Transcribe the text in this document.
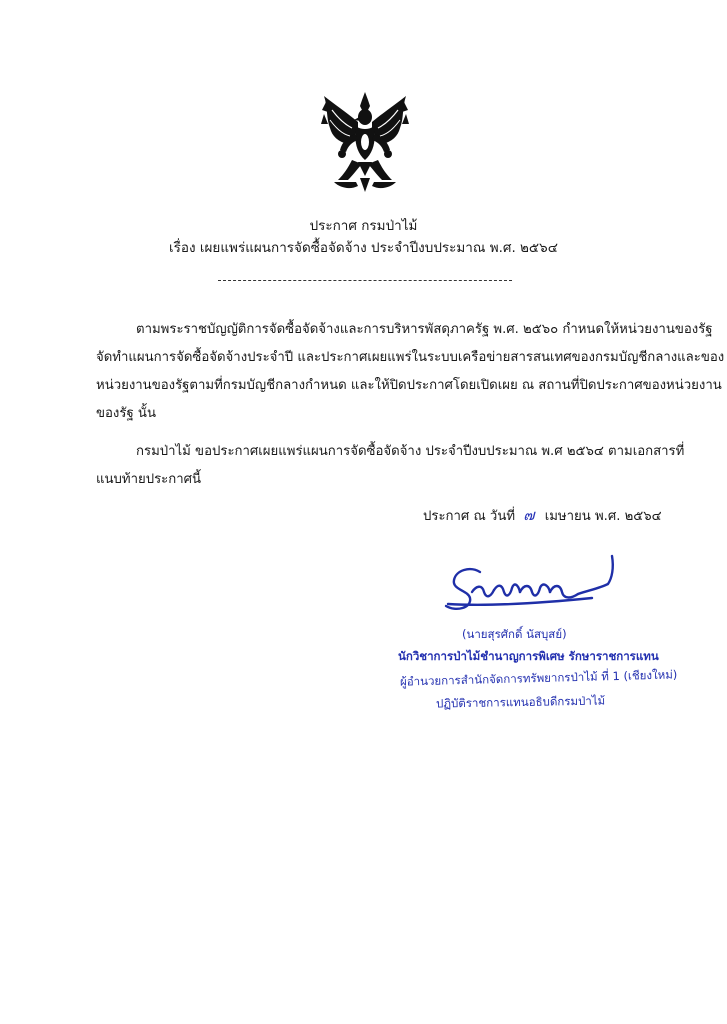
ประกาศ กรมป่าไม้
เรื่อง เผยแพร่แผนการจัดซื้อจัดจ้าง ประจำปีงบประมาณ พ.ศ. ๒๕๖๔
ตามพระราชบัญญัติการจัดซื้อจัดจ้างและการบริหารพัสดุภาครัฐ พ.ศ. ๒๕๖๐ กำหนดให้หน่วยงานของรัฐ
จัดทำแผนการจัดซื้อจัดจ้างประจำปี และประกาศเผยแพร่ในระบบเครือข่ายสารสนเทศของกรมบัญชีกลางและของ
หน่วยงานของรัฐตามที่กรมบัญชีกลางกำหนด และให้ปิดประกาศโดยเปิดเผย ณ สถานที่ปิดประกาศของหน่วยงาน
ของรัฐ นั้น
กรมป่าไม้ ขอประกาศเผยแพร่แผนการจัดซื้อจัดจ้าง ประจำปีงบประมาณ พ.ศ ๒๕๖๔ ตามเอกสารที่
แนบท้ายประกาศนี้
ประกาศ ณ วันที่ ๗ เมษายน พ.ศ. ๒๕๖๔
(นายสุรศักดิ์ นัสบุสย์)
นักวิชาการป่าไม้ชำนาญการพิเศษ รักษาราชการแทน
ผู้อำนวยการสำนักจัดการทรัพยากรป่าไม้ ที่ 1 (เชียงใหม่)
ปฏิบัติราชการแทนอธิบดีกรมป่าไม้
